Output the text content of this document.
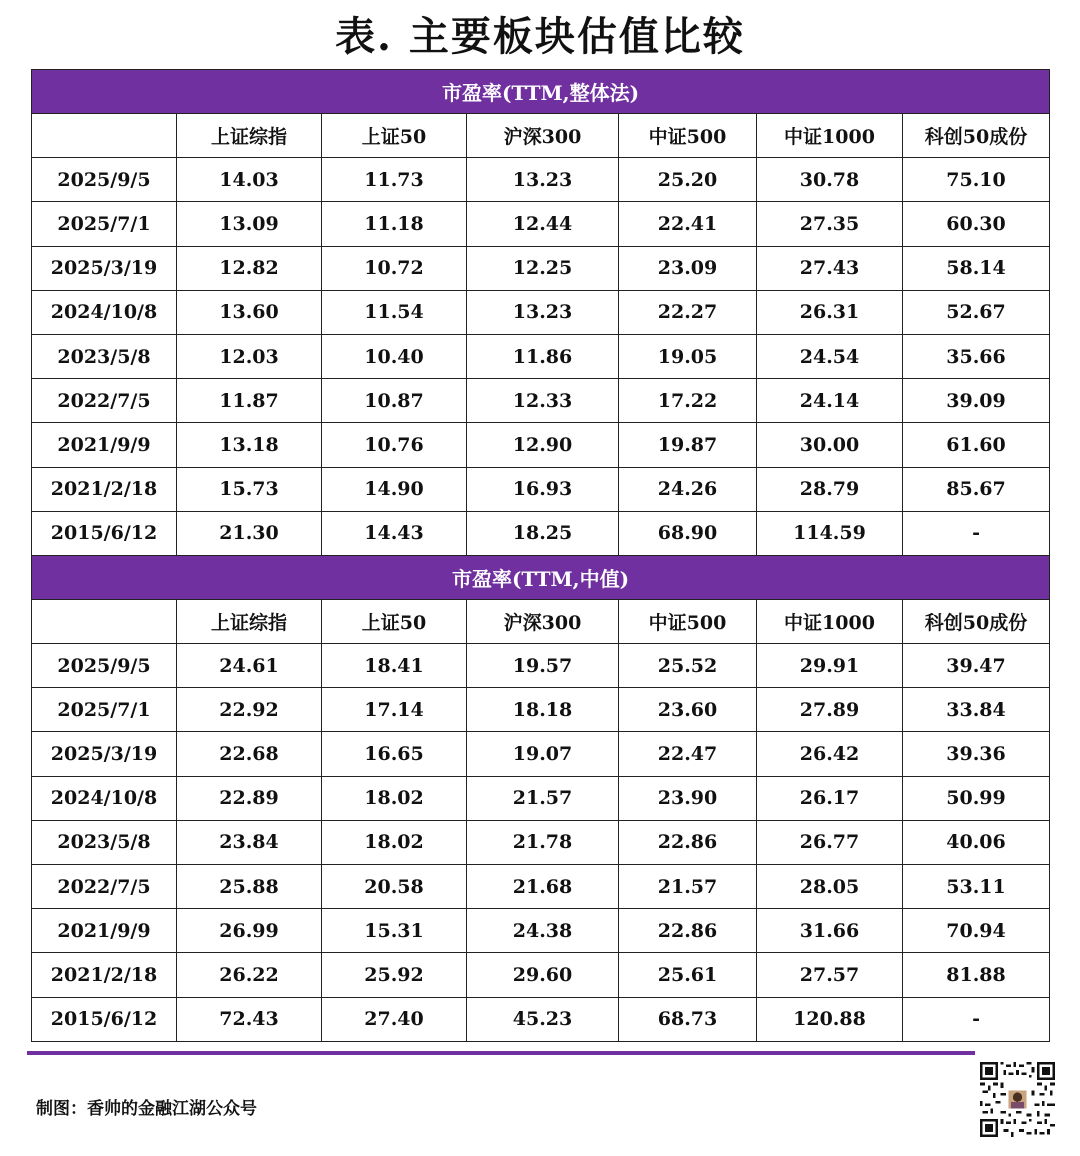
表. 主要板块估值比较
市盈率(TTM,整体法)						
	上证综指	上证50	沪深300	中证500	中证1000	科创50成份
2025/9/5	14.03	11.73	13.23	25.20	30.78	75.10
2025/7/1	13.09	11.18	12.44	22.41	27.35	60.30
2025/3/19	12.82	10.72	12.25	23.09	27.43	58.14
2024/10/8	13.60	11.54	13.23	22.27	26.31	52.67
2023/5/8	12.03	10.40	11.86	19.05	24.54	35.66
2022/7/5	11.87	10.87	12.33	17.22	24.14	39.09
2021/9/9	13.18	10.76	12.90	19.87	30.00	61.60
2021/2/18	15.73	14.90	16.93	24.26	28.79	85.67
2015/6/12	21.30	14.43	18.25	68.90	114.59	-
市盈率(TTM,中值)						
	上证综指	上证50	沪深300	中证500	中证1000	科创50成份
2025/9/5	24.61	18.41	19.57	25.52	29.91	39.47
2025/7/1	22.92	17.14	18.18	23.60	27.89	33.84
2025/3/19	22.68	16.65	19.07	22.47	26.42	39.36
2024/10/8	22.89	18.02	21.57	23.90	26.17	50.99
2023/5/8	23.84	18.02	21.78	22.86	26.77	40.06
2022/7/5	25.88	20.58	21.68	21.57	28.05	53.11
2021/9/9	26.99	15.31	24.38	22.86	31.66	70.94
2021/2/18	26.22	25.92	29.60	25.61	27.57	81.88
2015/6/12	72.43	27.40	45.23	68.73	120.88	-
制图：香帅的金融江湖公众号
